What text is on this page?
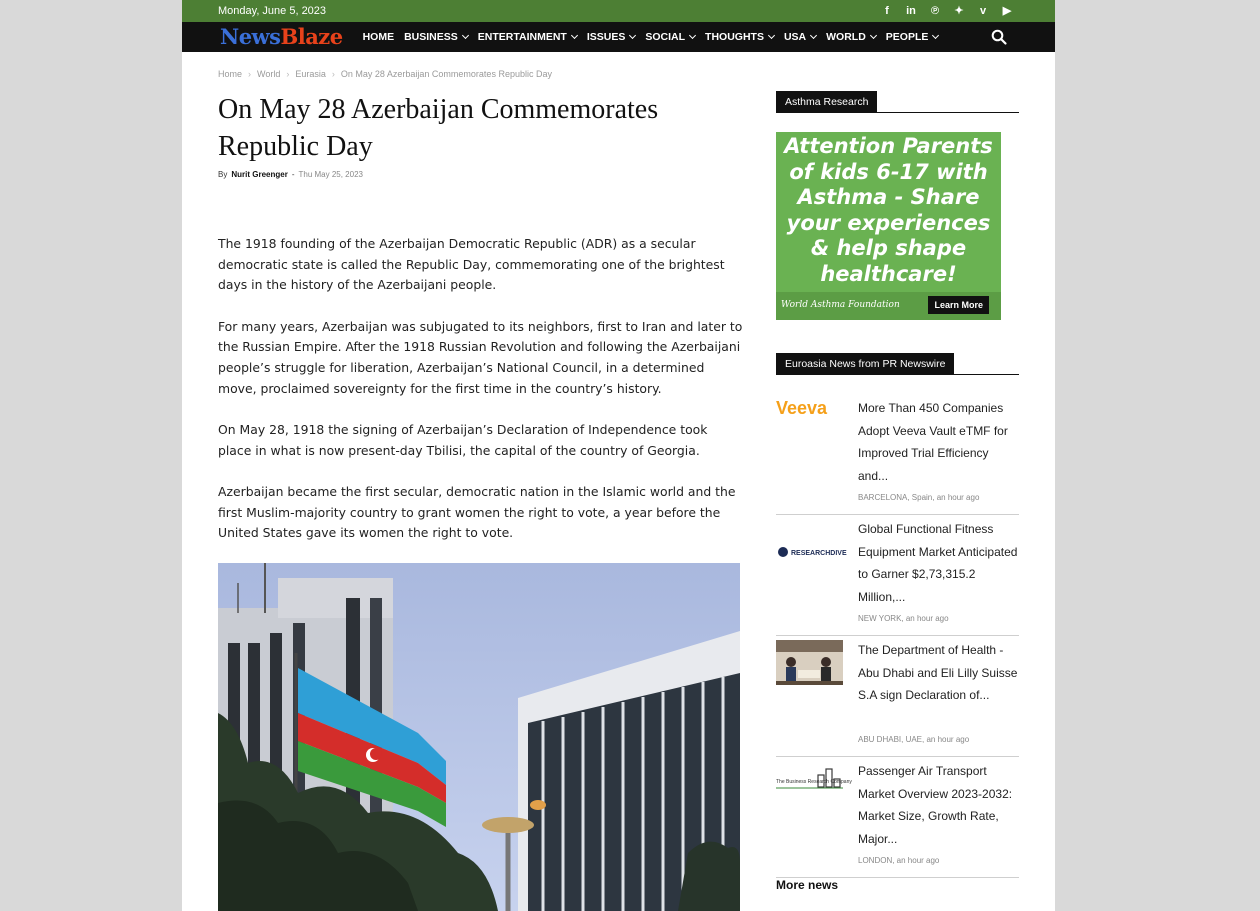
Monday, June 5, 2023	f	in	℗	✦	v	▶
NewsBlaze HOME BUSINESS ENTERTAINMENT ISSUES SOCIAL THOUGHTS USA WORLD PEOPLE
Home › World › Eurasia › On May 28 Azerbaijan Commemorates Republic Day
On May 28 Azerbaijan Commemorates Republic Day
By Nurit Greenger - Thu May 25, 2023

The 1918 founding of the Azerbaijan Democratic Republic (ADR) as a secular democratic state is called the Republic Day, commemorating one of the brightest days in the history of the Azerbaijani people.

For many years, Azerbaijan was subjugated to its neighbors, first to Iran and later to the Russian Empire. After the 1918 Russian Revolution and following the Azerbaijani people’s struggle for liberation, Azerbaijan’s National Council, in a determined move, proclaimed sovereignty for the first time in the country’s history.

On May 28, 1918 the signing of Azerbaijan’s Declaration of Independence took place in what is now present-day Tbilisi, the capital of the country of Georgia.

Azerbaijan became the first secular, democratic nation in the Islamic world and the first Muslim-majority country to grant women the right to vote, a year before the United States gave its women the right to vote.

Asthma Research
Attention Parents of kids 6-17 with Asthma - Share your experiences & help shape healthcare!
World Asthma Foundation	Learn More
Euroasia News from PR Newswire
Veeva	More Than 450 Companies Adopt Veeva Vault eTMF for Improved Trial Efficiency and...
BARCELONA, Spain, an hour ago
RESEARCHDIVE
Global Functional Fitness Equipment Market Anticipated to Garner $2,73,315.2 Million,...
NEW YORK, an hour ago
The Department of Health - Abu Dhabi and Eli Lilly Suisse S.A sign Declaration of...
ABU DHABI, UAE, an hour ago
The Business Research Company
Passenger Air Transport Market Overview 2023-2032: Market Size, Growth Rate, Major...
LONDON, an hour ago
More news
